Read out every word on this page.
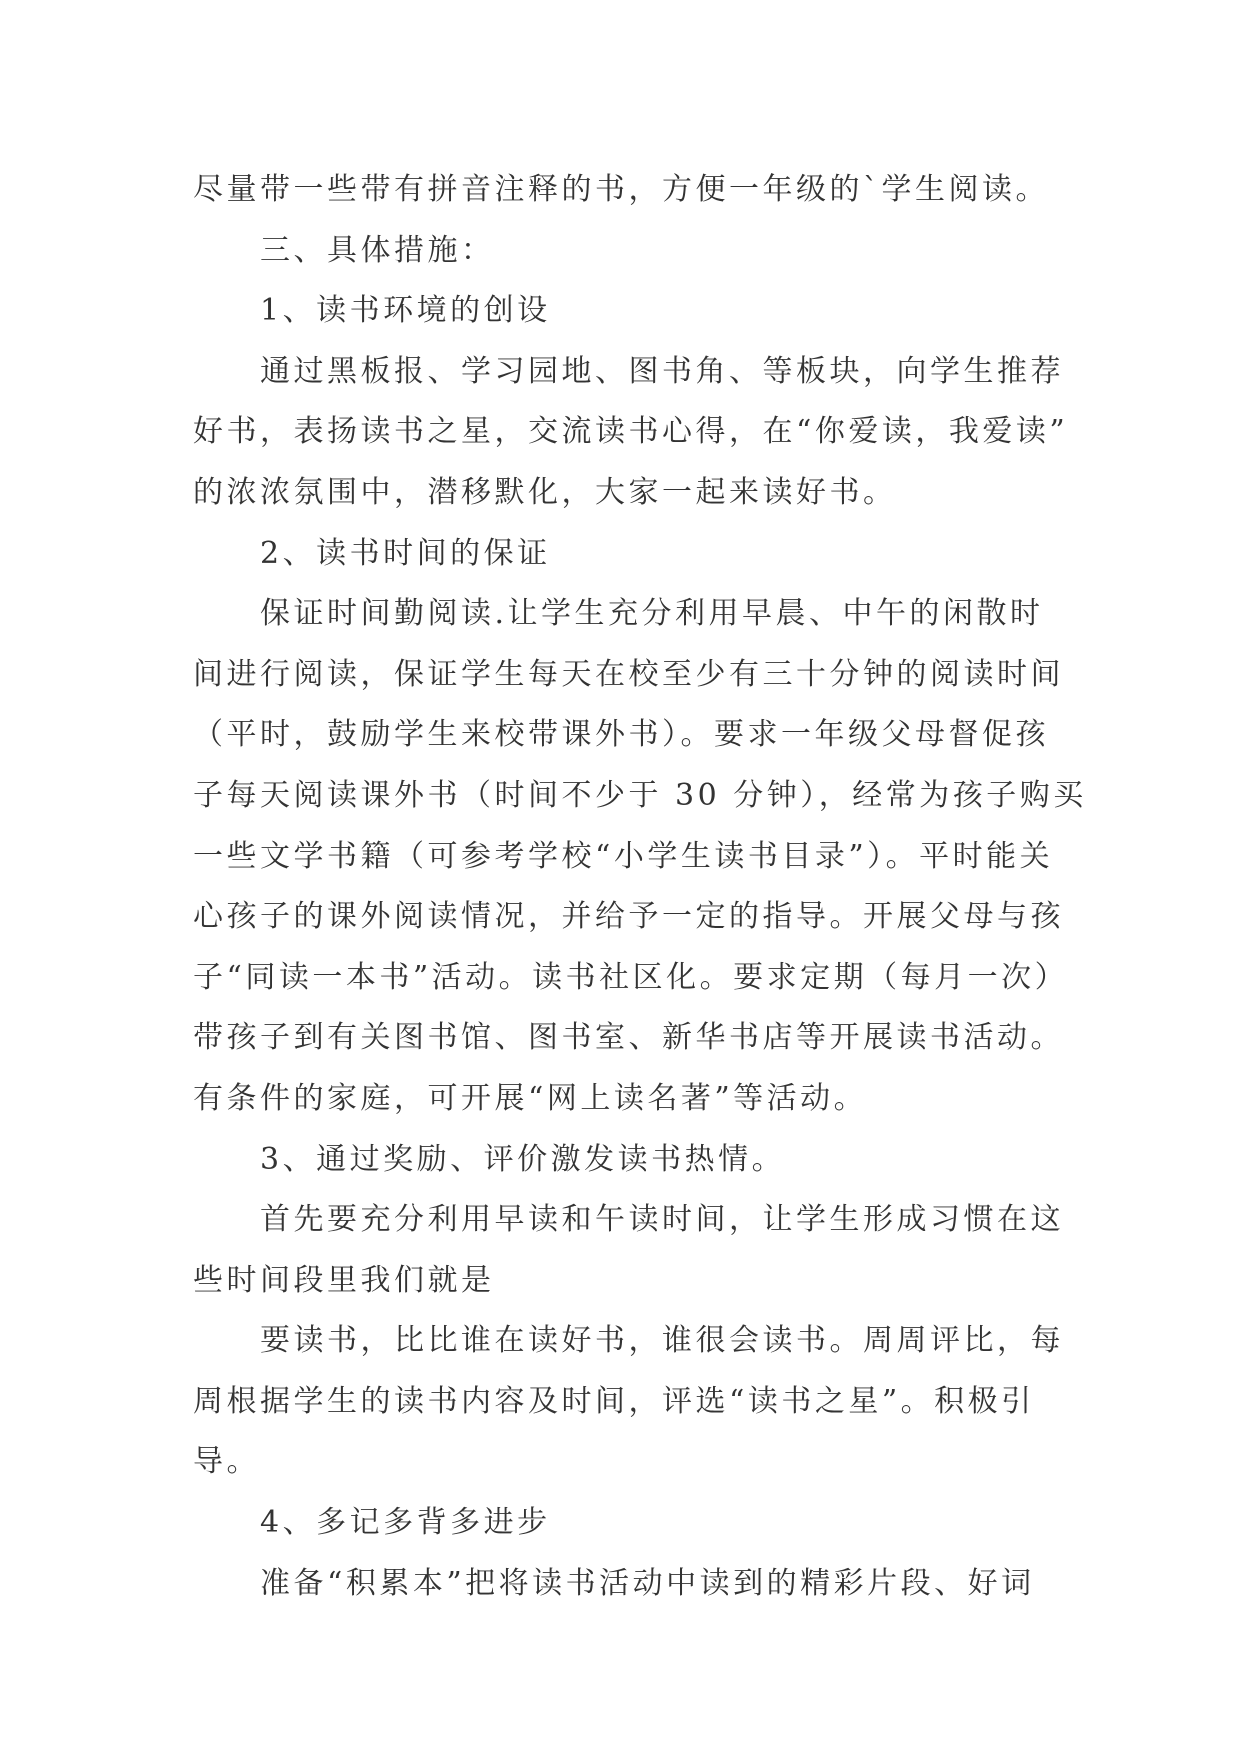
尽量带一些带有拼音注释的书，方便一年级的`学生阅读。
三、具体措施：
1、读书环境的创设
通过黑板报、学习园地、图书角、等板块，向学生推荐
好书，表扬读书之星，交流读书心得，在“你爱读，我爱读”
的浓浓氛围中，潜移默化，大家一起来读好书。
2、读书时间的保证
保证时间勤阅读.让学生充分利用早晨、中午的闲散时
间进行阅读，保证学生每天在校至少有三十分钟的阅读时间
（平时，鼓励学生来校带课外书）。要求一年级父母督促孩
子每天阅读课外书（时间不少于 30 分钟），经常为孩子购买
一些文学书籍（可参考学校“小学生读书目录”）。平时能关
心孩子的课外阅读情况，并给予一定的指导。开展父母与孩
子“同读一本书”活动。读书社区化。要求定期（每月一次）
带孩子到有关图书馆、图书室、新华书店等开展读书活动。
有条件的家庭，可开展“网上读名著”等活动。
3、通过奖励、评价激发读书热情。
首先要充分利用早读和午读时间，让学生形成习惯在这
些时间段里我们就是
要读书，比比谁在读好书，谁很会读书。周周评比，每
周根据学生的读书内容及时间，评选“读书之星”。积极引
导。
4、多记多背多进步
准备“积累本”把将读书活动中读到的精彩片段、好词
